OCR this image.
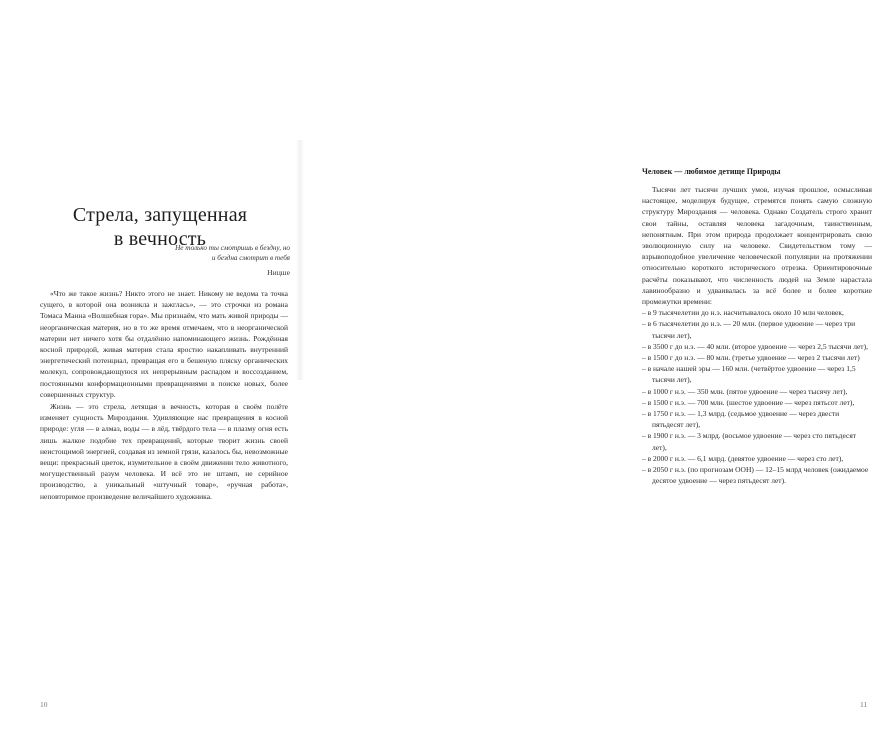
Стрела, запущенная
в вечность
Не только ты смотришь в бездну, но
и бездна смотрит в тебя
Ницше

«Что же такое жизнь? Никто этого не знает. Никому не ведома та точка сущего, в которой она возникла и зажглась», — это строчки из романа Томаса Манна «Волшебная гора». Мы признаём, что мать живой природы — неорганическая материя, но в то же время отмечаем, что в неорганической материи нет ничего хотя бы отдалённо напоминающего жизнь. Рождённая косной природой, живая материя стала яростно накапливать внутренний энергетический потенциал, превращая его в бешеную пляску органических молекул, сопровождающуюся их непрерывным распадом и воссозданием, постоянными конформационными превращениями в поиске новых, более совершенных структур.

Жизнь — это стрела, летящая в вечность, которая в своём полёте изменяет сущность Мироздания. Удивляющие нас превращения в косной природе: угля — в алмаз, воды — в лёд, твёрдого тела — в плазму огня есть лишь жалкое подобие тех превращений, которые творит жизнь своей неистощимой энергией, создавая из земной грязи, казалось бы, невозможные вещи: прекрасный цветок, изумительное в своём движении тело животного, могущественный разум человека. И всё это не штамп, не серийное производство, а уникальный «штучный товар», «ручная работа», неповторимое произведение величайшего художника.

10
Человек — любимое детище Природы

Тысячи лет тысячи лучших умов, изучая прошлое, осмысливая настоящее, моделируя будущее, стремятся понять самую сложную структуру Мироздания — человека. Однако Создатель строго хранит свои тайны, оставляя человека загадочным, таинственным, непонятным. При этом природа продолжает концентрировать свою эволюционную силу на человеке. Свидетельством тому — взрывоподобное увеличение человеческой популяции на протяжении относительно короткого исторического отрезка. Ориентировочные расчёты показывают, что численность людей на Земле нарастала лавинообразно и удваивалась за всё более и более короткие промежутки времени:

– в 9 тысячелетии до н.э. насчитывалось около 10 млн человек,
– в 6 тысячелетии до н.э. — 20 млн. (первое удвоение — через три тысячи лет),
– в 3500 г до н.э. — 40 млн. (второе удвоение — через 2,5 тысячи лет),
– в 1500 г до н.э. — 80 млн. (третье удвоение — через 2 тысячи лет)
– в начале нашей эры — 160 млн. (четвёртое удвоение — через 1,5 тысячи лет),
– в 1000 г н.э. — 350 млн. (пятое удвоение — через тысячу лет),
– в 1500 г н.э. — 700 млн. (шестое удвоение — через пятьсот лет),
– в 1750 г н.э. — 1,3 млрд. (седьмое удвоение — через двести пятьдесят лет),
– в 1900 г н.э. — 3 млрд. (восьмое удвоение — через сто пятьдесят лет),
– в 2000 г н.э. — 6,1 млрд. (девятое удвоение — через сто лет),
– в 2050 г н.э. (по прогнозам ООН) — 12–15 млрд человек (ожидаемое десятое удвоение — через пятьдесят лет).
11
